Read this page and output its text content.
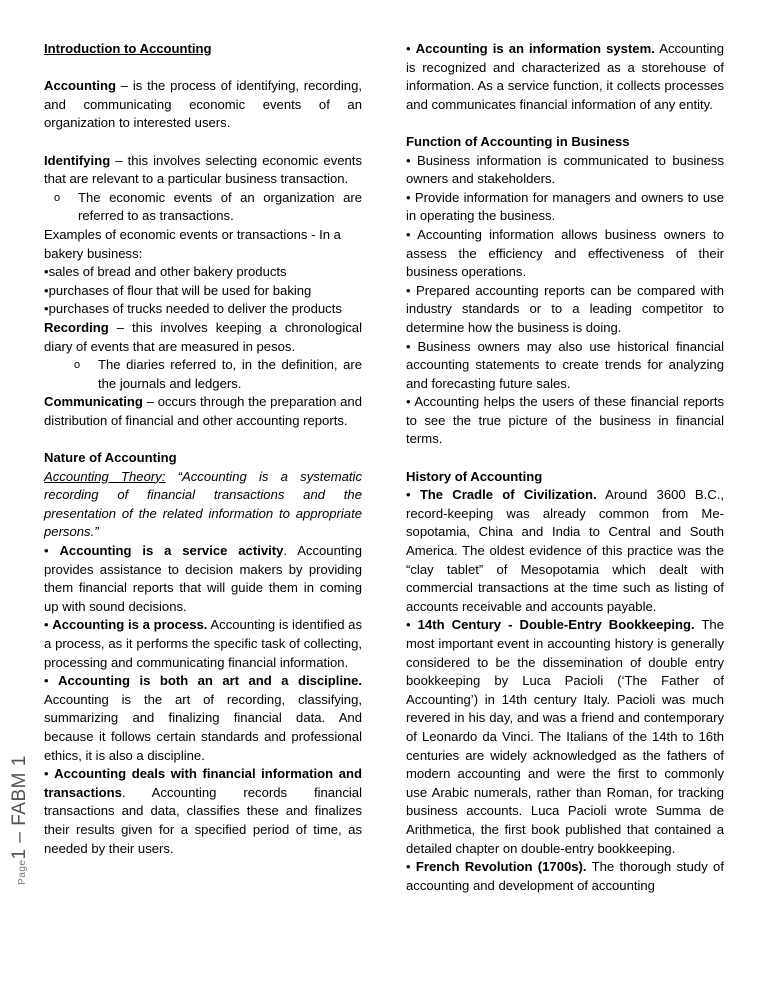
Page1 – FABM 1

Introduction to Accounting

Accounting – is the process of identifying, recording, and communicating economic events of an organization to interested users.

Identifying – this involves selecting economic events that are relevant to a particular business transaction.

o The economic events of an organization are referred to as transactions.

Examples of economic events or transactions - In a bakery business:

•sales of bread and other bakery products

•purchases of flour that will be used for baking

•purchases of trucks needed to deliver the products

Recording – this involves keeping a chronological diary of events that are measured in pesos.

o The diaries referred to, in the definition, are the journals and ledgers.

Communicating – occurs through the preparation and distribution of financial and other accounting reports.

Nature of Accounting

Accounting Theory: “Accounting is a systematic recording of financial transactions and the presentation of the related information to appropriate persons.”

• Accounting is a service activity. Accounting provides assistance to decision makers by providing them financial reports that will guide them in coming up with sound decisions.

• Accounting is a process. Accounting is identified as a process, as it performs the specific task of collecting, processing and communicating financial information.

• Accounting is both an art and a discipline. Accounting is the art of recording, classifying, summarizing and finalizing financial data. And because it follows certain standards and professional ethics, it is also a discipline.

• Accounting deals with financial information and transactions. Accounting records financial transactions and data, classifies these and finalizes their results given for a specified period of time, as needed by their users.

• Accounting is an information system. Accounting is recognized and characterized as a storehouse of information. As a service function, it collects processes and communicates financial information of any entity.

Function of Accounting in Business

• Business information is communicated to business owners and stakeholders.

• Provide information for managers and owners to use in operating the business.

• Accounting information allows business owners to assess the efficiency and effectiveness of their business operations.

• Prepared accounting reports can be compared with industry standards or to a leading competitor to determine how the business is doing.

• Business owners may also use historical financial accounting statements to create trends for analyzing and forecasting future sales.

• Accounting helps the users of these financial reports to see the true picture of the business in financial terms.

History of Accounting

• The Cradle of Civilization. Around 3600 B.C., record-keeping was already common from Me-sopotamia, China and India to Central and South America. The oldest evidence of this practice was the “clay tablet” of Mesopotamia which dealt with commercial transactions at the time such as listing of accounts receivable and accounts payable.

• 14th Century - Double-Entry Bookkeeping. The most important event in accounting history is generally considered to be the dissemination of double entry bookkeeping by Luca Pacioli (‘The Father of Accounting’) in 14th century Italy. Pacioli was much revered in his day, and was a friend and contemporary of Leonardo da Vinci. The Italians of the 14th to 16th centuries are widely acknowledged as the fathers of modern accounting and were the first to commonly use Arabic numerals, rather than Roman, for tracking business accounts. Luca Pacioli wrote Summa de Arithmetica, the first book published that contained a detailed chapter on double-entry bookkeeping.

• French Revolution (1700s). The thorough study of accounting and development of accounting
